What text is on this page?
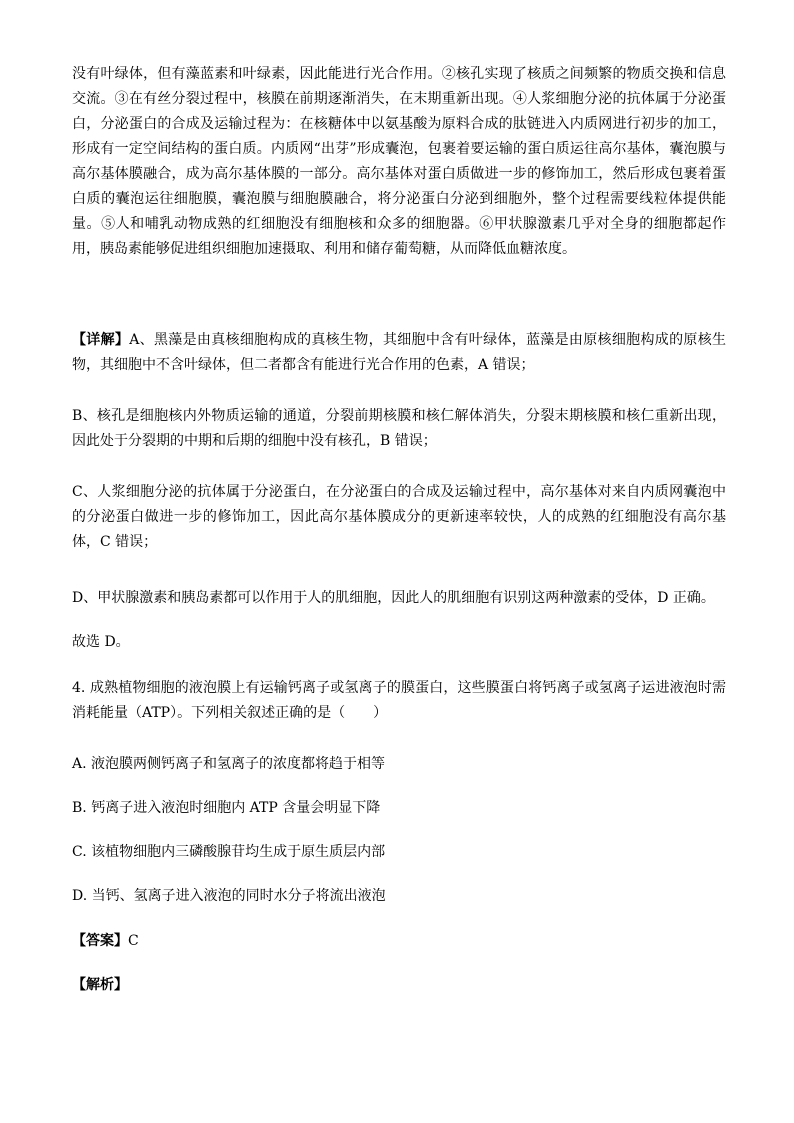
没有叶绿体，但有藻蓝素和叶绿素，因此能进行光合作用。②核孔实现了核质之间频繁的物质交换和信息交流。③在有丝分裂过程中，核膜在前期逐渐消失，在末期重新出现。④人浆细胞分泌的抗体属于分泌蛋白，分泌蛋白的合成及运输过程为：在核糖体中以氨基酸为原料合成的肽链进入内质网进行初步的加工，形成有一定空间结构的蛋白质。内质网“出芽”形成囊泡，包裹着要运输的蛋白质运往高尔基体，囊泡膜与高尔基体膜融合，成为高尔基体膜的一部分。高尔基体对蛋白质做进一步的修饰加工，然后形成包裹着蛋白质的囊泡运往细胞膜，囊泡膜与细胞膜融合，将分泌蛋白分泌到细胞外，整个过程需要线粒体提供能量。⑤人和哺乳动物成熟的红细胞没有细胞核和众多的细胞器。⑥甲状腺激素几乎对全身的细胞都起作用，胰岛素能够促进组织细胞加速摄取、利用和储存葡萄糖，从而降低血糖浓度。

【详解】A、黑藻是由真核细胞构成的真核生物，其细胞中含有叶绿体，蓝藻是由原核细胞构成的原核生物，其细胞中不含叶绿体，但二者都含有能进行光合作用的色素，A 错误；

B、核孔是细胞核内外物质运输的通道，分裂前期核膜和核仁解体消失，分裂末期核膜和核仁重新出现，因此处于分裂期的中期和后期的细胞中没有核孔，B 错误；

C、人浆细胞分泌的抗体属于分泌蛋白，在分泌蛋白的合成及运输过程中，高尔基体对来自内质网囊泡中的分泌蛋白做进一步的修饰加工，因此高尔基体膜成分的更新速率较快，人的成熟的红细胞没有高尔基体，C 错误；

D、甲状腺激素和胰岛素都可以作用于人的肌细胞，因此人的肌细胞有识别这两种激素的受体，D 正确。

故选 D。

4. 成熟植物细胞的液泡膜上有运输钙离子或氢离子的膜蛋白，这些膜蛋白将钙离子或氢离子运进液泡时需消耗能量（ATP）。下列相关叙述正确的是（　　）

A. 液泡膜两侧钙离子和氢离子的浓度都将趋于相等

B. 钙离子进入液泡时细胞内 ATP 含量会明显下降

C. 该植物细胞内三磷酸腺苷均生成于原生质层内部

D. 当钙、氢离子进入液泡的同时水分子将流出液泡

【答案】C

【解析】
